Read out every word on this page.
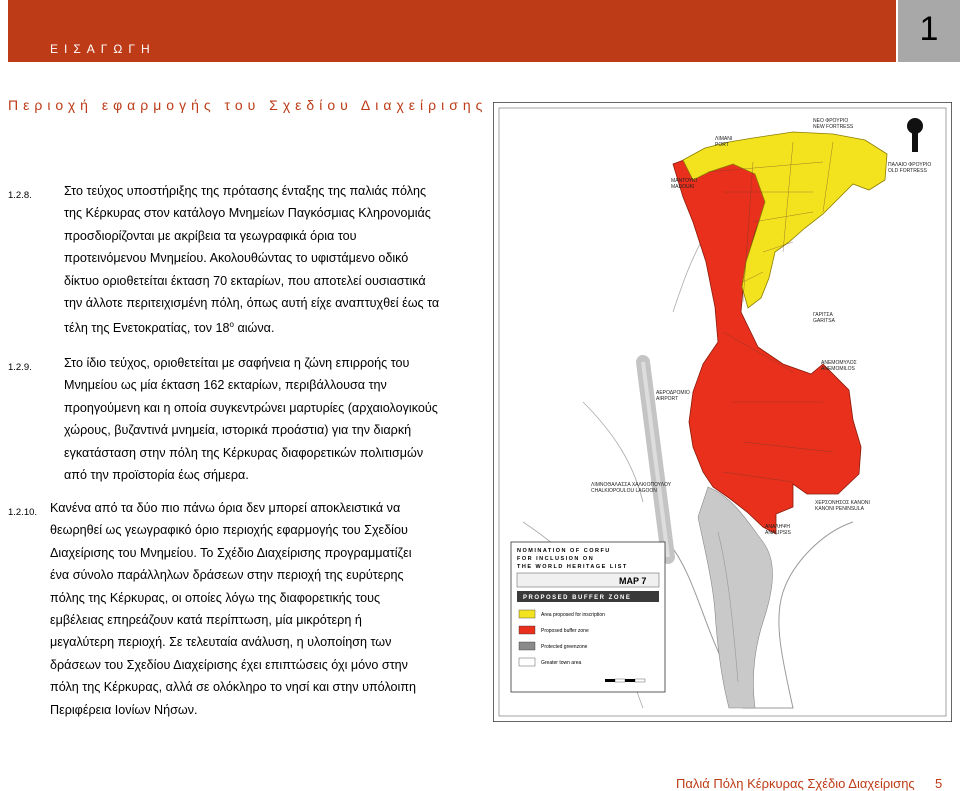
ΕΙΣΑΓΩΓΗ
1
Περιοχή εφαρμογής του Σχεδίου Διαχείρισης
1.2.8.	Στο τεύχος υποστήριξης της πρότασης ένταξης της παλιάς πόλης
της Κέρκυρας στον κατάλογο Μνημείων Παγκόσμιας Κληρονομιάς
προσδιορίζονται με ακρίβεια τα γεωγραφικά όρια του
προτεινόμενου Μνημείου. Ακολουθώντας το υφιστάμενο οδικό
δίκτυο οριοθετείται έκταση 70 εκταρίων, που αποτελεί ουσιαστικά
την άλλοτε περιτειχισμένη πόλη, όπως αυτή είχε αναπτυχθεί έως τα
τέλη της Ενετοκρατίας, τον $18^o$ αιώνα.
1.2.9.	Στο ίδιο τεύχος, οριοθετείται με σαφήνεια η ζώνη επιρροής του
Μνημείου ως μία έκταση 162 εκταρίων, περιβάλλουσα την
προηγούμενη και η οποία συγκεντρώνει μαρτυρίες (αρχαιολογικούς
χώρους, βυζαντινά μνημεία, ιστορικά προάστια) για την διαρκή
εγκατάσταση στην πόλη της Κέρκυρας διαφορετικών πολιτισμών
από την προϊστορία έως σήμερα.
1.2.10. Κανένα από τα δύο πιο πάνω όρια δεν μπορεί αποκλειστικά να
θεωρηθεί ως γεωγραφικό όριο περιοχής εφαρμογής του Σχεδίου
Διαχείρισης του Μνημείου. Το Σχέδιο Διαχείρισης προγραμματίζει
ένα σύνολο παράλληλων δράσεων στην περιοχή της ευρύτερης
πόλης της Κέρκυρας, οι οποίες λόγω της διαφορετικής τους
εμβέλειας επηρεάζουν κατά περίπτωση, μία μικρότερη ή
μεγαλύτερη περιοχή. Σε τελευταία ανάλυση, η υλοποίηση των
δράσεων του Σχεδίου Διαχείρισης έχει επιπτώσεις όχι μόνο στην
πόλη της Κέρκυρας, αλλά σε ολόκληρο το νησί και στην υπόλοιπη
Περιφέρεια Ιονίων Νήσων.
ΛΙΜΑΝΙ
PORT
ΝΕΟ ΦΡΟΥΡΙΟ
NEW FORTRESS
ΠΑΛΑΙΟ ΦΡΟΥΡΙΟ
OLD FORTRESS
ΜΑΝΤΟΥΚΙ
MADOUKI
ΓΑΡΙΤΣΑ
GARITSA
ΑΝΕΜΟΜΥΛΟΣ
ANEMOMILOS
ΑΕΡΟΔΡΟΜΙΟ
AIRPORT
ΛΙΜΝΟΘΑΛΑΣΣΑ ΧΑΛΚΙΟΠΟΥΛΟΥ
CHALKIOPOULOU LAGOON
ΧΕΡΣΟΝΗΣΟΣ ΚΑΝΟΝΙ
KANONI PENINSULA
ΑΝΑΛΗΨΗ
ANALIPSIS
NOMINATION OF CORFU
FOR INCLUSION ON
THE WORLD HERITAGE LIST
MAP 7
PROPOSED BUFFER ZONE
Area proposed for inscription
Proposed buffer zone
Protected greenzone
Greater town area
Παλιά Πόλη Κέρκυρας Σχέδιο Διαχείρισης 5
